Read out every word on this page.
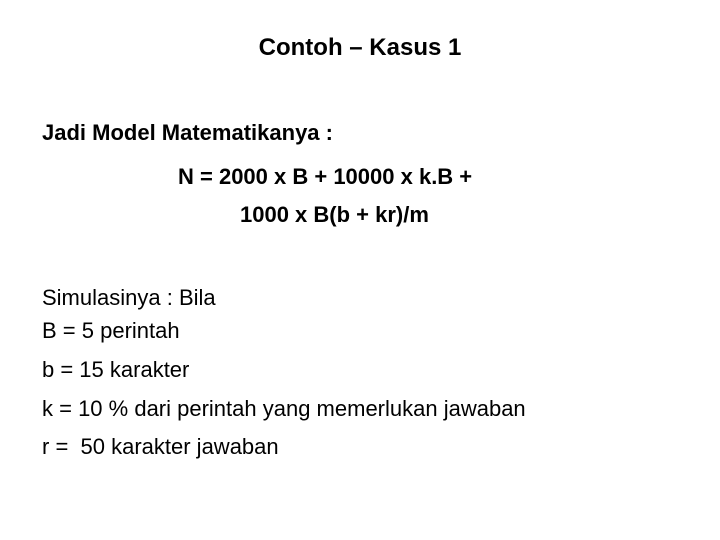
Contoh – Kasus 1
Jadi Model Matematikanya :
N = 2000 x B + 10000 x k.B +
1000 x B(b + kr)/m
Simulasinya : Bila
B = 5 perintah
b = 15 karakter
k = 10 % dari perintah yang memerlukan jawaban
r =  50 karakter jawaban
